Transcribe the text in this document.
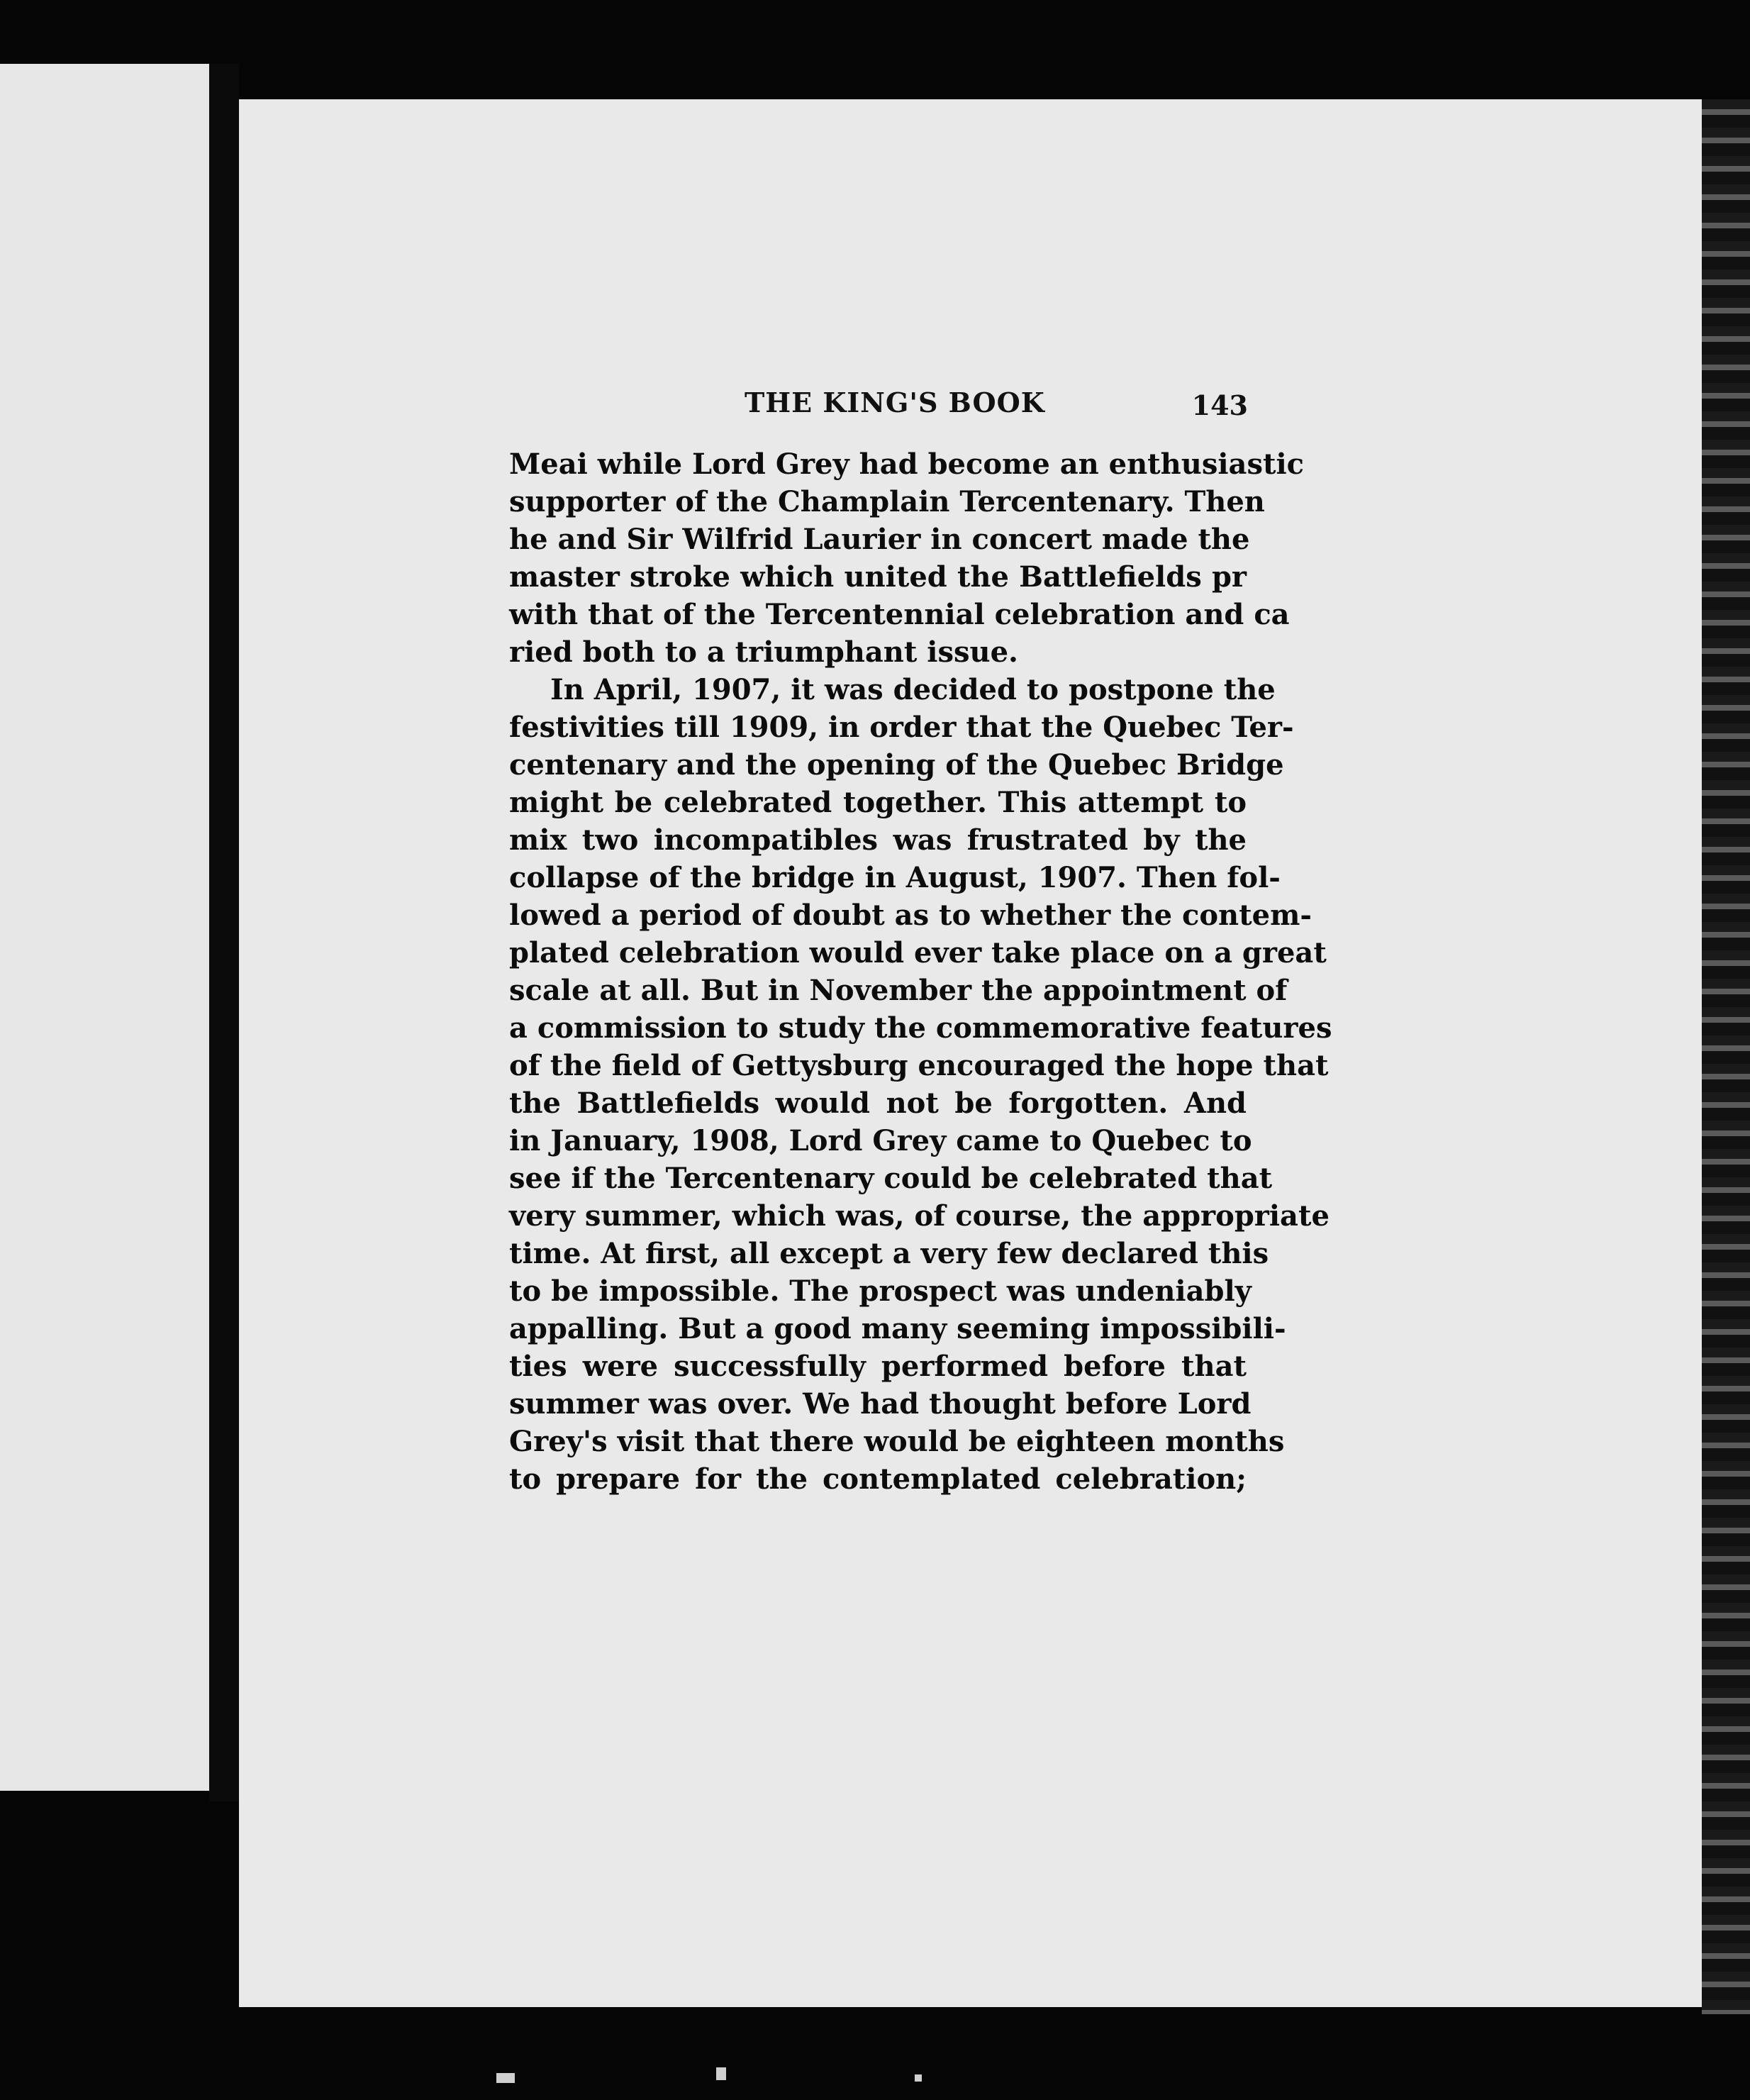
THE KING'S BOOK	143
Meai while Lord Grey had become an enthusiastic
supporter of the Champlain Tercentenary. Then
he and Sir Wilfrid Laurier in concert made the
master stroke which united the Battlefields pr
with that of the Tercentennial celebration and ca
ried both to a triumphant issue.
In April, 1907, it was decided to postpone the
festivities till 1909, in order that the Quebec Ter-
centenary and the opening of the Quebec Bridge
might be celebrated together. This attempt to
mix two incompatibles was frustrated by the
collapse of the bridge in August, 1907. Then fol-
lowed a period of doubt as to whether the contem-
plated celebration would ever take place on a great
scale at all. But in November the appointment of
a commission to study the commemorative features
of the field of Gettysburg encouraged the hope that
the Battlefields would not be forgotten. And
in January, 1908, Lord Grey came to Quebec to
see if the Tercentenary could be celebrated that
very summer, which was, of course, the appropriate
time. At first, all except a very few declared this
to be impossible. The prospect was undeniably
appalling. But a good many seeming impossibili-
ties were successfully performed before that
summer was over. We had thought before Lord
Grey's visit that there would be eighteen months
to prepare for the contemplated celebration;
